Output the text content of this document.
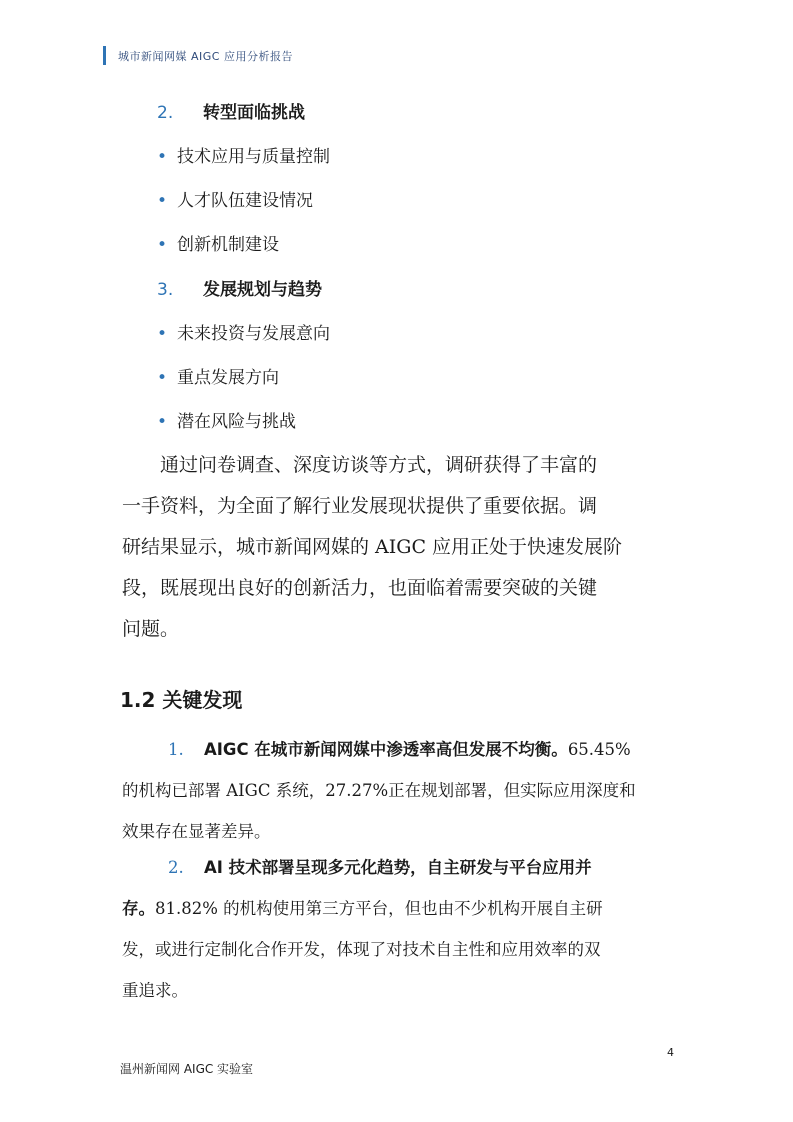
城市新闻网媒 AIGC 应用分析报告
2. 转型面临挑战
• 技术应用与质量控制
• 人才队伍建设情况
• 创新机制建设
3. 发展规划与趋势
• 未来投资与发展意向
• 重点发展方向
• 潜在风险与挑战
通过问卷调查、深度访谈等方式，调研获得了丰富的
一手资料，为全面了解行业发展现状提供了重要依据。调
研结果显示，城市新闻网媒的 AIGC 应用正处于快速发展阶
段，既展现出良好的创新活力，也面临着需要突破的关键
问题。
1.2 关键发现
1. AIGC 在城市新闻网媒中渗透率高但发展不均衡。65.45%
的机构已部署 AIGC 系统，27.27%正在规划部署，但实际应用深度和
效果存在显著差异。
2. AI 技术部署呈现多元化趋势，自主研发与平台应用并
存。81.82% 的机构使用第三方平台，但也由不少机构开展自主研
发，或进行定制化合作开发，体现了对技术自主性和应用效率的双
重追求。
4
温州新闻网 AIGC 实验室
